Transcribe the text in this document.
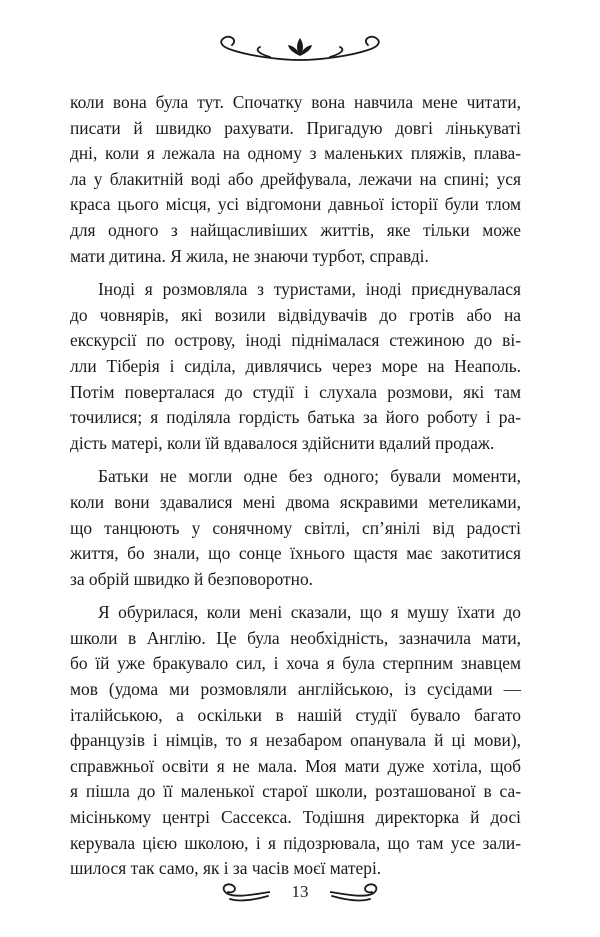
коли вона була тут. Спочатку вона навчила мене читати,
писати й швидко рахувати. Пригадую довгі лінькуваті
дні, коли я лежала на одному з маленьких пляжів, плава-
ла у блакитній воді або дрейфувала, лежачи на спині; уся
краса цього місця, усі відгомони давньої історії були тлом
для одного з найщасливіших життів, яке тільки може
мати дитина. Я жила, не знаючи турбот, справді.

Іноді я розмовляла з туристами, іноді приєднувалася
до човнярів, які возили відвідувачів до гротів або на
екскурсії по острову, іноді піднімалася стежиною до ві-
лли Тіберія і сиділа, дивлячись через море на Неаполь.
Потім поверталася до студії і слухала розмови, які там
точилися; я поділяла гордість батька за його роботу і ра-
дість матері, коли їй вдавалося здійснити вдалий продаж.

Батьки не могли одне без одного; бували моменти,
коли вони здавалися мені двома яскравими метеликами,
що танцюють у сонячному світлі, сп’янілі від радості
життя, бо знали, що сонце їхнього щастя має закотитися
за обрій швидко й безповоротно.

Я обурилася, коли мені сказали, що я мушу їхати до
школи в Англію. Це була необхідність, зазначила мати,
бо їй уже бракувало сил, і хоча я була стерпним знавцем
мов (удома ми розмовляли англійською, із сусідами —
італійською, а оскільки в нашій студії бувало багато
французів і німців, то я незабаром опанувала й ці мови),
справжньої освіти я не мала. Моя мати дуже хотіла, щоб
я пішла до її маленької старої школи, розташованої в са-
місінькому центрі Сассекса. Тодішня директорка й досі
керувала цією школою, і я підозрювала, що там усе зали-
шилося так само, як і за часів моєї матері.

13
